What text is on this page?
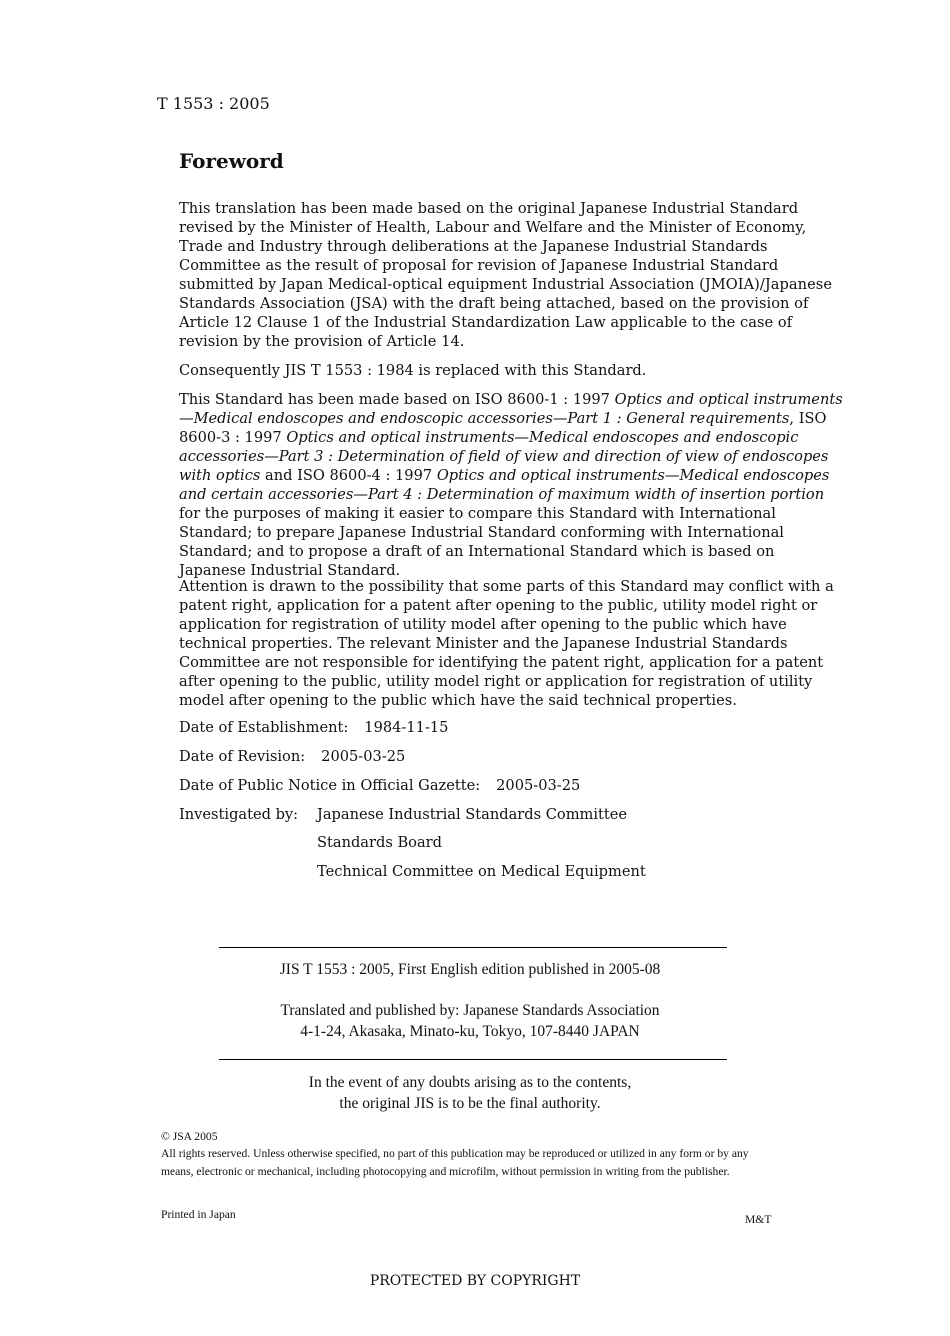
T 1553 : 2005
Foreword

This translation has been made based on the original Japanese Industrial Standard revised by the Minister of Health, Labour and Welfare and the Minister of Economy, Trade and Industry through deliberations at the Japanese Industrial Standards Committee as the result of proposal for revision of Japanese Industrial Standard submitted by Japan Medical-optical equipment Industrial Association (JMOIA)/Japanese Standards Association (JSA) with the draft being attached, based on the provision of Article 12 Clause 1 of the Industrial Standardization Law applicable to the case of revision by the provision of Article 14.

Consequently JIS T 1553 : 1984 is replaced with this Standard.

This Standard has been made based on ISO 8600-1 : 1997 Optics and optical instruments—Medical endoscopes and endoscopic accessories—Part 1 : General requirements, ISO 8600-3 : 1997 Optics and optical instruments—Medical endoscopes and endoscopic accessories—Part 3 : Determination of field of view and direction of view of endoscopes with optics and ISO 8600-4 : 1997 Optics and optical instruments—Medical endoscopes and certain accessories—Part 4 : Determination of maximum width of insertion portion for the purposes of making it easier to compare this Standard with International Standard; to prepare Japanese Industrial Standard conforming with International Standard; and to propose a draft of an International Standard which is based on Japanese Industrial Standard.

Attention is drawn to the possibility that some parts of this Standard may conflict with a patent right, application for a patent after opening to the public, utility model right or application for registration of utility model after opening to the public which have technical properties. The relevant Minister and the Japanese Industrial Standards Committee are not responsible for identifying the patent right, application for a patent after opening to the public, utility model right or application for registration of utility model after opening to the public which have the said technical properties.

Date of Establishment: 1984-11-15
Date of Revision: 2005-03-25
Date of Public Notice in Official Gazette: 2005-03-25
Investigated by: Japanese Industrial Standards Committee
Standards Board
Technical Committee on Medical Equipment
JIS T 1553 : 2005, First English edition published in 2005-08
Translated and published by: Japanese Standards Association
4-1-24, Akasaka, Minato-ku, Tokyo, 107-8440 JAPAN
In the event of any doubts arising as to the contents,
the original JIS is to be the final authority.
© JSA 2005
All rights reserved. Unless otherwise specified, no part of this publication may be reproduced or utilized in any form or by any means, electronic or mechanical, including photocopying and microfilm, without permission in writing from the publisher.
Printed in Japan	M&T
PROTECTED BY COPYRIGHT
